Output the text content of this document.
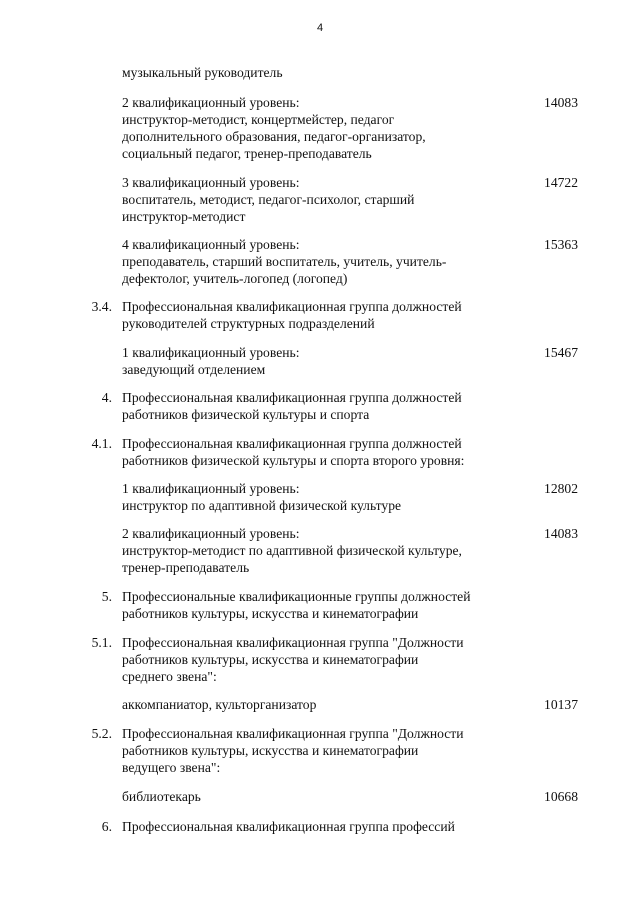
4
музыкальный руководитель
2 квалификационный уровень:
инструктор-методист, концертмейстер, педагог
дополнительного образования, педагог-организатор,
социальный педагог, тренер-преподаватель
14083
3 квалификационный уровень:
воспитатель, методист, педагог-психолог, старший
инструктор-методист
14722
4 квалификационный уровень:
преподаватель, старший воспитатель, учитель, учитель-
дефектолог, учитель-логопед (логопед)
15363
3.4. Профессиональная квалификационная группа должностей
руководителей структурных подразделений
1 квалификационный уровень:
заведующий отделением
15467
4. Профессиональная квалификационная группа должностей
работников физической культуры и спорта
4.1. Профессиональная квалификационная группа должностей
работников физической культуры и спорта второго уровня:
1 квалификационный уровень:
инструктор по адаптивной физической культуре
12802
2 квалификационный уровень:
инструктор-методист по адаптивной физической культуре,
тренер-преподаватель
14083
5. Профессиональные квалификационные группы должностей
работников культуры, искусства и кинематографии
5.1. Профессиональная квалификационная группа "Должности
работников культуры, искусства и кинематографии
среднего звена":
аккомпаниатор, культорганизатор	10137
5.2. Профессиональная квалификационная группа "Должности
работников культуры, искусства и кинематографии
ведущего звена":
библиотекарь	10668
6. Профессиональная квалификационная группа профессий
